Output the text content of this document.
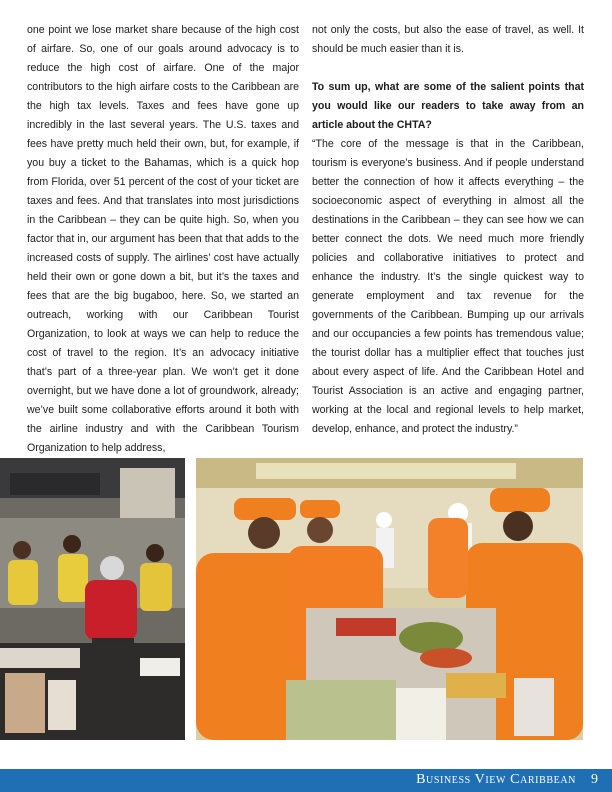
one point we lose market share because of the high cost of airfare. So, one of our goals around advocacy is to reduce the high cost of airfare. One of the major contributors to the high airfare costs to the Caribbean are the high tax levels. Taxes and fees have gone up incredibly in the last several years. The U.S. taxes and fees have pretty much held their own, but, for example, if you buy a ticket to the Bahamas, which is a quick hop from Florida, over 51 percent of the cost of your ticket are taxes and fees. And that translates into most jurisdictions in the Caribbean – they can be quite high. So, when you factor that in, our argument has been that that adds to the increased costs of supply. The airlines’ cost have actually held their own or gone down a bit, but it’s the taxes and fees that are the big bugaboo, here. So, we started an outreach, working with our Caribbean Tourist Organization, to look at ways we can help to reduce the cost of travel to the region. It’s an advocacy initiative that’s part of a three-year plan. We won’t get it done overnight, but we have done a lot of groundwork, already; we’ve built some collaborative efforts around it both with the airline industry and with the Caribbean Tourism Organization to help address,

not only the costs, but also the ease of travel, as well. It should be much easier than it is.

To sum up, what are some of the salient points that you would like our readers to take away from an article about the CHTA?

“The core of the message is that in the Caribbean, tourism is everyone’s business. And if people understand better the connection of how it affects everything – the socioeconomic aspect of everything in almost all the destinations in the Caribbean – they can see how we can better connect the dots. We need much more friendly policies and collaborative initiatives to protect and enhance the industry. It’s the single quickest way to generate employment and tax revenue for the governments of the Caribbean. Bumping up our arrivals and our occupancies a few points has tremendous value; the tourist dollar has a multiplier effect that touches just about every aspect of life. And the Caribbean Hotel and Tourist Association is an active and engaging partner, working at the local and regional levels to help market, develop, enhance, and protect the industry.”

Business View Caribbean 9
